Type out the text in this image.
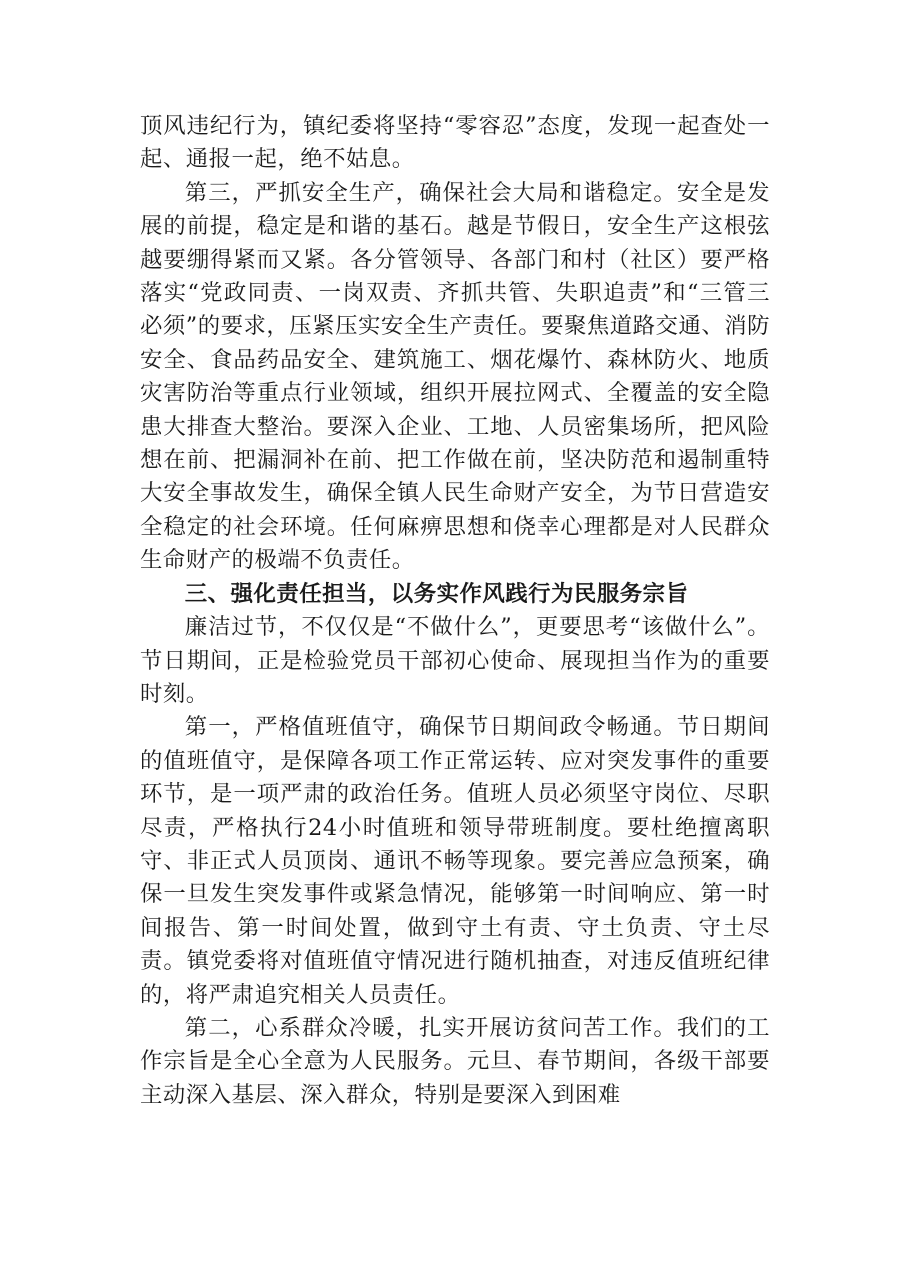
顶风违纪行为，镇纪委将坚持“零容忍”态度，发现一起查处一起、通报一起，绝不姑息。

第三，严抓安全生产，确保社会大局和谐稳定。安全是发展的前提，稳定是和谐的基石。越是节假日，安全生产这根弦越要绷得紧而又紧。各分管领导、各部门和村（社区）要严格落实“党政同责、一岗双责、齐抓共管、失职追责”和“三管三必须”的要求，压紧压实安全生产责任。要聚焦道路交通、消防安全、食品药品安全、建筑施工、烟花爆竹、森林防火、地质灾害防治等重点行业领域，组织开展拉网式、全覆盖的安全隐患大排查大整治。要深入企业、工地、人员密集场所，把风险想在前、把漏洞补在前、把工作做在前，坚决防范和遏制重特大安全事故发生，确保全镇人民生命财产安全，为节日营造安全稳定的社会环境。任何麻痹思想和侥幸心理都是对人民群众生命财产的极端不负责任。

三、强化责任担当，以务实作风践行为民服务宗旨

廉洁过节，不仅仅是“不做什么”，更要思考“该做什么”。节日期间，正是检验党员干部初心使命、展现担当作为的重要时刻。

第一，严格值班值守，确保节日期间政令畅通。节日期间的值班值守，是保障各项工作正常运转、应对突发事件的重要环节，是一项严肃的政治任务。值班人员必须坚守岗位、尽职尽责，严格执行24小时值班和领导带班制度。要杜绝擅离职守、非正式人员顶岗、通讯不畅等现象。要完善应急预案，确保一旦发生突发事件或紧急情况，能够第一时间响应、第一时间报告、第一时间处置，做到守土有责、守土负责、守土尽责。镇党委将对值班值守情况进行随机抽查，对违反值班纪律的，将严肃追究相关人员责任。

第二，心系群众冷暖，扎实开展访贫问苦工作。我们的工作宗旨是全心全意为人民服务。元旦、春节期间，各级干部要主动深入基层、深入群众，特别是要深入到困难
